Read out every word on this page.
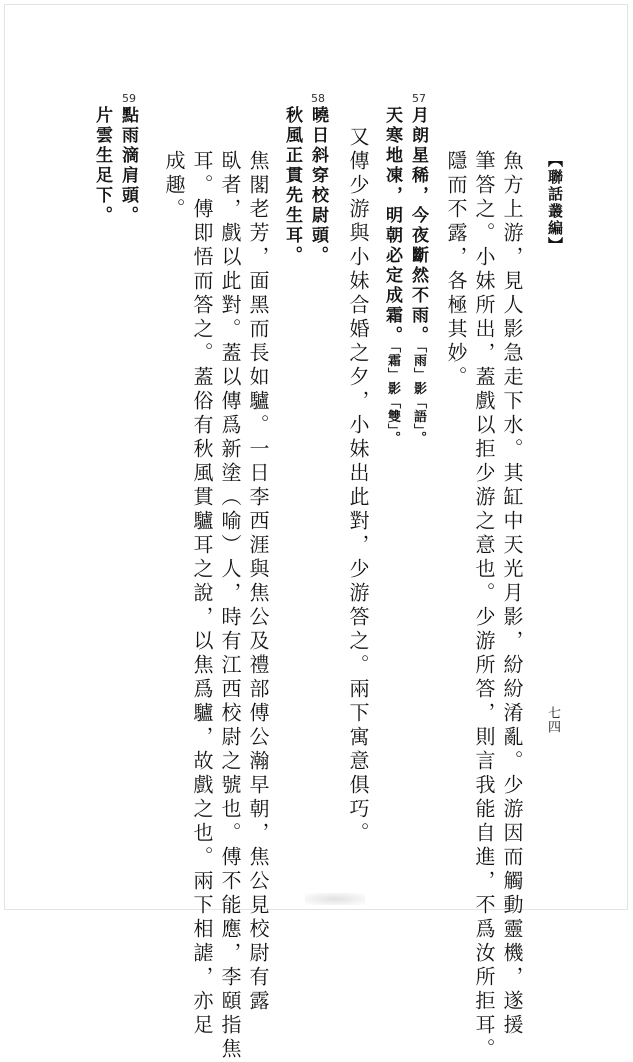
【聯話叢編】
七四
魚方上游，見人影急走下水。其缸中天光月影，紛紛淆亂。少游因而觸動靈機，遂援
筆答之。小妹所出，蓋戲以拒少游之意也。少游所答，則言我能自進，不爲汝所拒耳。
隱而不露，各極其妙。
57
月朗星稀，今夜斷然不雨。「雨」影「語」。
天寒地凍，明朝必定成霜。「霜」影「雙」。
又傳少游與小妹合婚之夕，小妹出此對，少游答之。兩下寓意俱巧。
58
曉日斜穿校尉頭。
秋風正貫先生耳。
焦閣老芳，面黑而長如驢。一日李西涯與焦公及禮部傅公瀚早朝，焦公見校尉有露
臥者，戲以此對。蓋以傳爲新塗（喻）人，時有江西校尉之號也。傅不能應，李頤指焦
耳。傅即悟而答之。蓋俗有秋風貫驢耳之說，以焦爲驢，故戲之也。兩下相謔，亦足
成趣。
59
點雨滴肩頭。
片雲生足下。
